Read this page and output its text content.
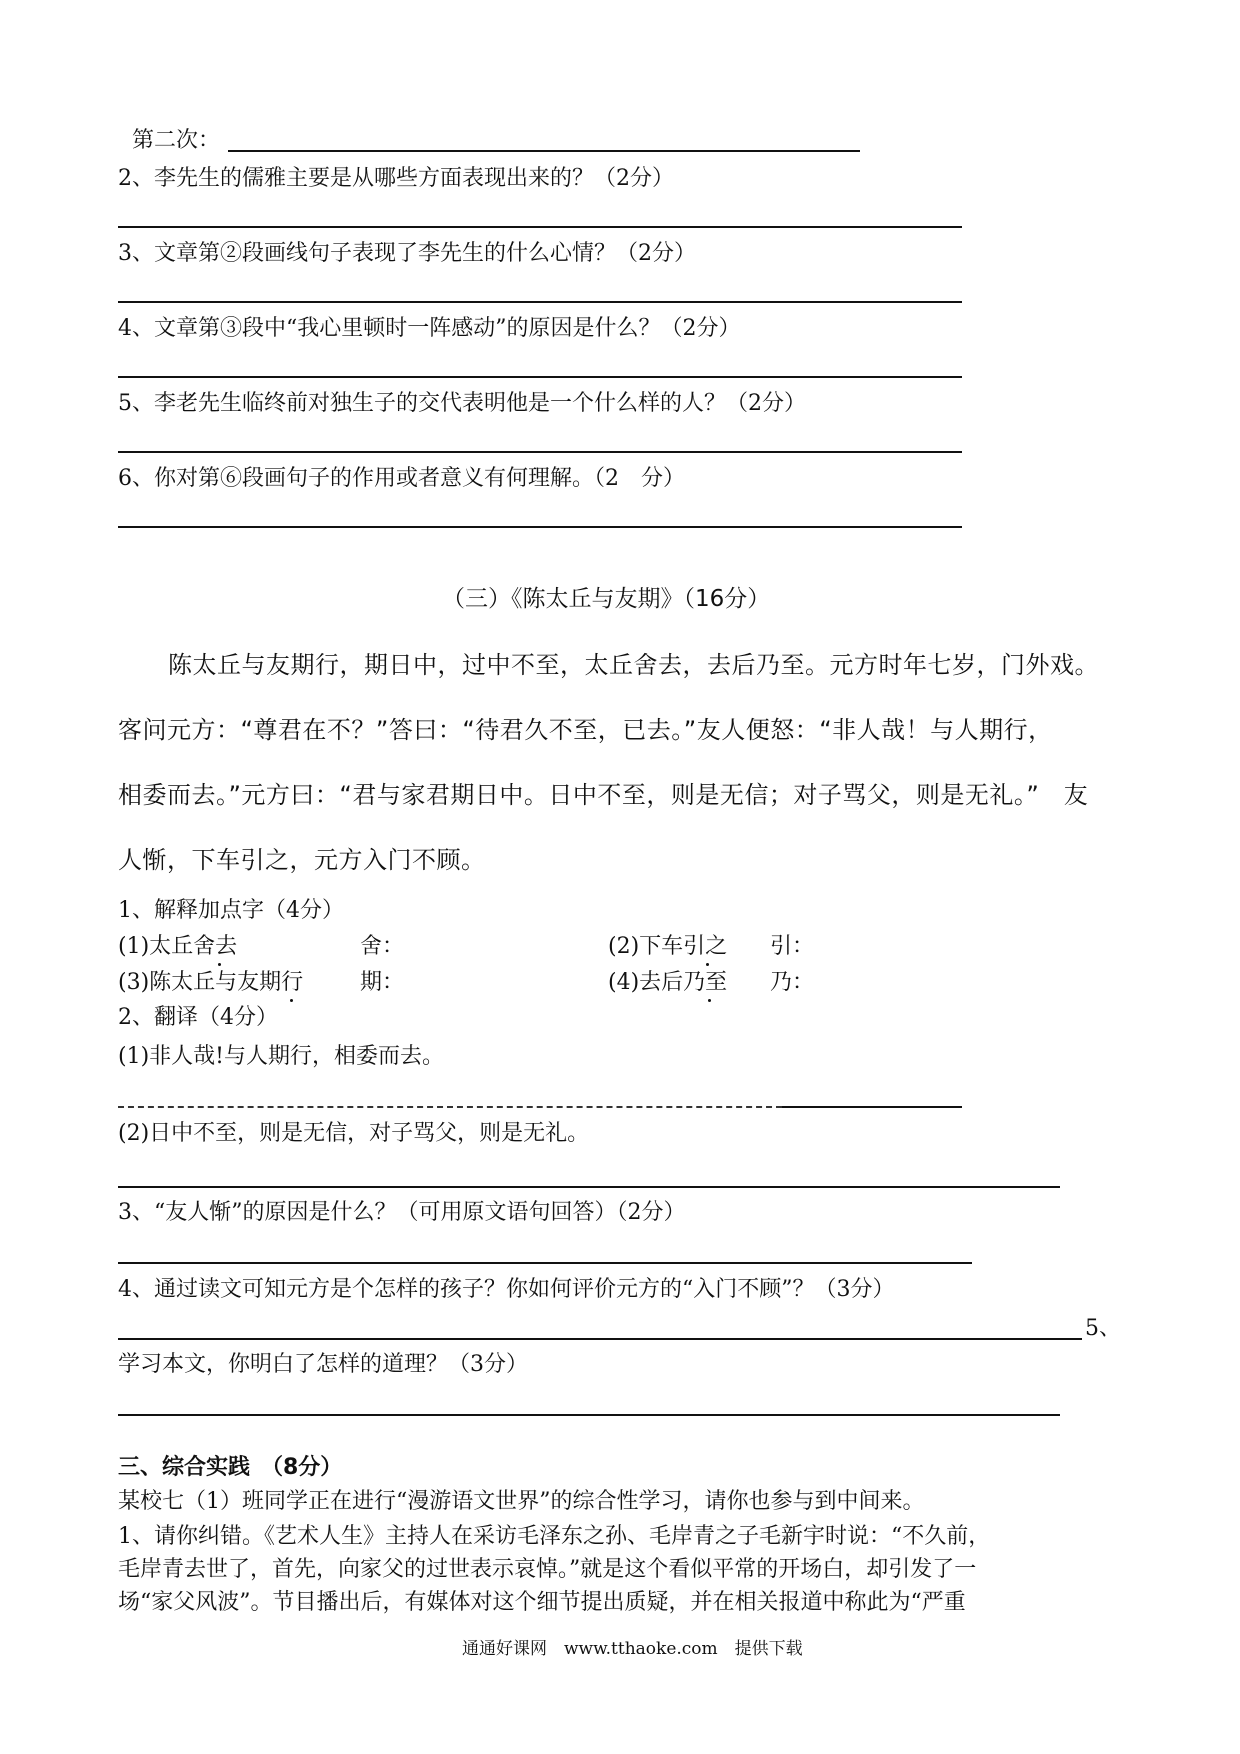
第二次：
2、李先生的儒雅主要是从哪些方面表现出来的？（2分）
3、文章第②段画线句子表现了李先生的什么心情？（2分）
4、文章第③段中“我心里顿时一阵感动”的原因是什么？（2分）
5、李老先生临终前对独生子的交代表明他是一个什么样的人？（2分）
6、你对第⑥段画句子的作用或者意义有何理解。（2　分）
（三）《陈太丘与友期》（16分）
陈太丘与友期行，期日中，过中不至，太丘舍去，去后乃至。元方时年七岁，门外戏。
客问元方：“尊君在不？”答曰：“待君久不至，已去。”友人便怒：“非人哉！与人期行，
相委而去。”元方曰：“君与家君期日中。日中不至，则是无信；对子骂父，则是无礼。”　友
人惭，下车引之，元方入门不顾。
1、解释加点字（4分）
(1)太丘舍去	舍：	(2)下车引之 引：
(3)陈太丘与友期行	期：	(4)去后乃至 乃：
2、翻译（4分）
(1)非人哉!与人期行，相委而去。
(2)日中不至，则是无信，对子骂父，则是无礼。
3、“友人惭”的原因是什么？（可用原文语句回答）（2分）
4、通过读文可知元方是个怎样的孩子？你如何评价元方的“入门不顾”？（3分）
5、
学习本文，你明白了怎样的道理？（3分）
三、综合实践　（8分）
某校七（1）班同学正在进行“漫游语文世界”的综合性学习，请你也参与到中间来。
1、请你纠错。《艺术人生》主持人在采访毛泽东之孙、毛岸青之子毛新宇时说：“不久前，
毛岸青去世了，首先，向家父的过世表示哀悼。”就是这个看似平常的开场白，却引发了一
场“家父风波”。节目播出后，有媒体对这个细节提出质疑，并在相关报道中称此为“严重
通通好课网　www.tthaoke.com　提供下载
